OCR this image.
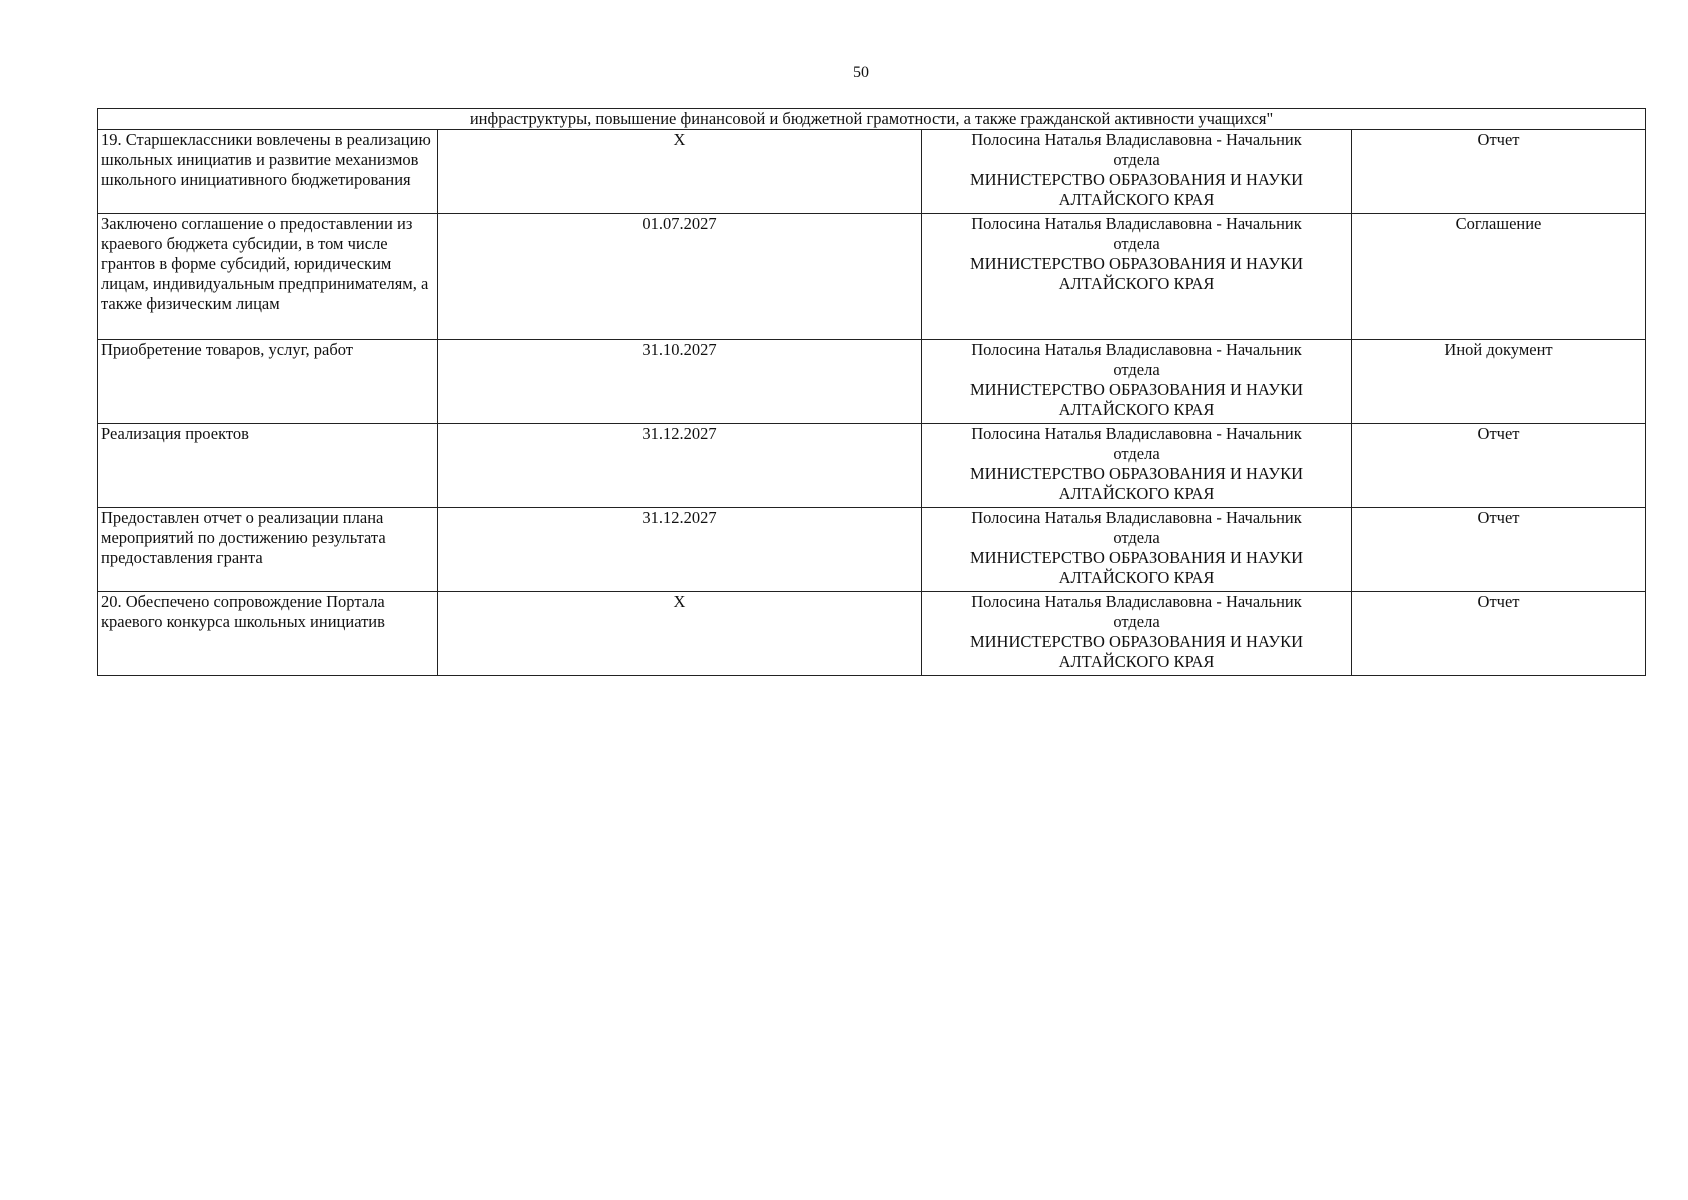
50
инфраструктуры, повышение финансовой и бюджетной грамотности, а также гражданской активности учащихся"			
19. Старшеклассники вовлечены в реализацию школьных инициатив и развитие механизмов школьного инициативного бюджетирования	X	Полосина Наталья Владиславовна - Начальник
отдела
МИНИСТЕРСТВО ОБРАЗОВАНИЯ И НАУКИ АЛТАЙСКОГО КРАЯ	Отчет
Заключено соглашение о предоставлении из краевого бюджета субсидии, в том числе грантов в форме субсидий, юридическим лицам, индивидуальным предпринимателям, а также физическим лицам	01.07.2027	Полосина Наталья Владиславовна - Начальник
отдела
МИНИСТЕРСТВО ОБРАЗОВАНИЯ И НАУКИ АЛТАЙСКОГО КРАЯ	Соглашение
Приобретение товаров, услуг, работ	31.10.2027	Полосина Наталья Владиславовна - Начальник
отдела
МИНИСТЕРСТВО ОБРАЗОВАНИЯ И НАУКИ АЛТАЙСКОГО КРАЯ	Иной документ
Реализация проектов	31.12.2027	Полосина Наталья Владиславовна - Начальник
отдела
МИНИСТЕРСТВО ОБРАЗОВАНИЯ И НАУКИ АЛТАЙСКОГО КРАЯ	Отчет
Предоставлен отчет о реализации плана мероприятий по достижению результата предоставления гранта	31.12.2027	Полосина Наталья Владиславовна - Начальник
отдела
МИНИСТЕРСТВО ОБРАЗОВАНИЯ И НАУКИ АЛТАЙСКОГО КРАЯ	Отчет
20. Обеспечено сопровождение Портала краевого конкурса школьных инициатив	X	Полосина Наталья Владиславовна - Начальник
отдела
МИНИСТЕРСТВО ОБРАЗОВАНИЯ И НАУКИ АЛТАЙСКОГО КРАЯ	Отчет
